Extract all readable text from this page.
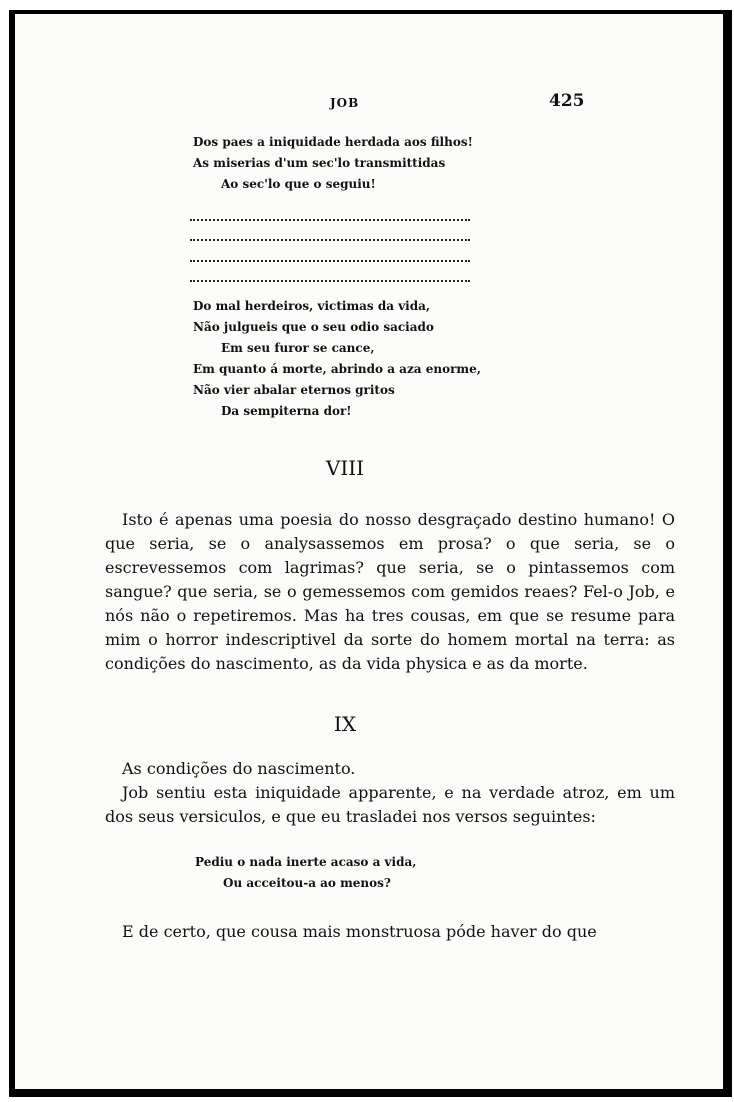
JOB	425
Dos paes a iniquidade herdada aos filhos!
As miserias d'um sec'lo transmittidas
Ao sec'lo que o seguiu!
Do mal herdeiros, victimas da vida,
Não julgueis que o seu odio saciado
Em seu furor se cance,
Em quanto á morte, abrindo a aza enorme,
Não vier abalar eternos gritos
Da sempiterna dor!
VIII

Isto é apenas uma poesia do nosso desgraçado destino humano! O que seria, se o analysassemos em prosa? o que seria, se o escrevessemos com lagrimas? que seria, se o pintassemos com sangue? que seria, se o gemessemos com gemidos reaes? Fel-o Job, e nós não o repetiremos. Mas ha tres cousas, em que se resume para mim o horror indescriptivel da sorte do homem mortal na terra: as condições do nascimento, as da vida physica e as da morte.

IX

As condições do nascimento.

Job sentiu esta iniquidade apparente, e na verdade atroz, em um dos seus versiculos, e que eu trasladei nos versos seguintes:

Pediu o nada inerte acaso a vida,
Ou acceitou-a ao menos?

E de certo, que cousa mais monstruosa póde haver do que
